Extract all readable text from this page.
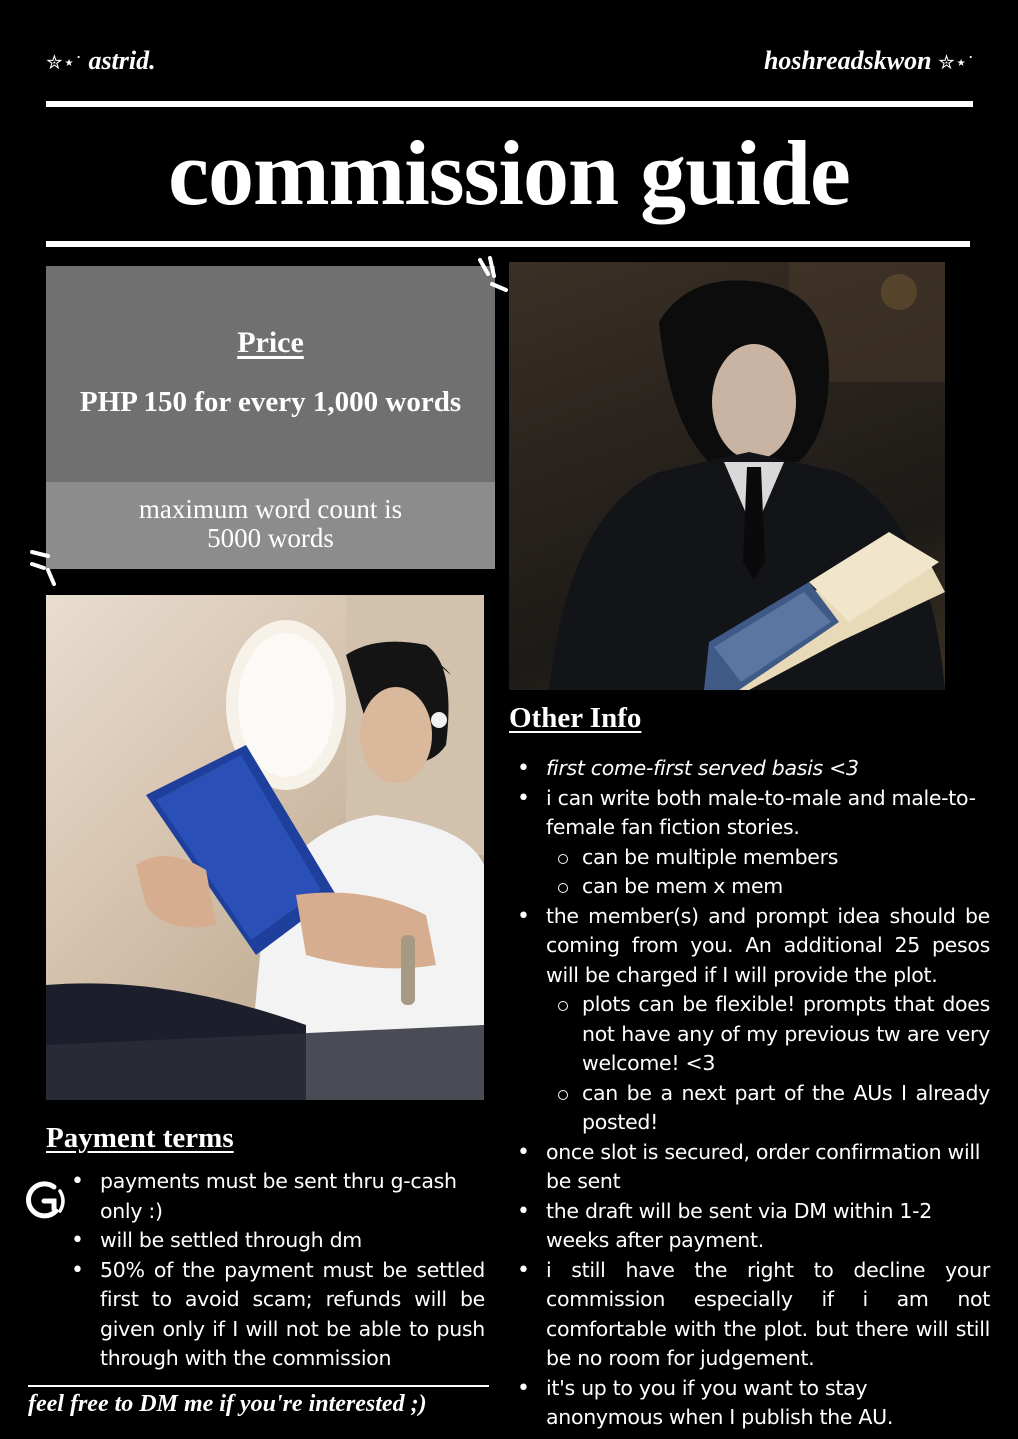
✮⋆˙ astrid.	hoshreadskwon ✮⋆˙
commission guide
Price
PHP 150 for every 1,000 words
maximum word count is
5000 words
Other Info
• first come-first served basis <3
• i can write both male-to-male and male-to-female fan fiction stories.
can be multiple members
can be mem x mem
• the member(s) and prompt idea should be coming from you. An additional 25 pesos will be charged if I will provide the plot.
plots can be flexible! prompts that does not have any of my previous tw are very welcome! <3
can be a next part of the AUs I already posted!
• once slot is secured, order confirmation will be sent
• the draft will be sent via DM within 1-2 weeks after payment.
• i still have the right to decline your commission especially if i am not comfortable with the plot. but there will still be no room for judgement.
• it's up to you if you want to stay anonymous when I publish the AU.
Payment terms
• payments must be sent thru g-cash only :)
• will be settled through dm
• 50% of the payment must be settled first to avoid scam; refunds will be given only if I will not be able to push through with the commission
feel free to DM me if you're interested ;)
